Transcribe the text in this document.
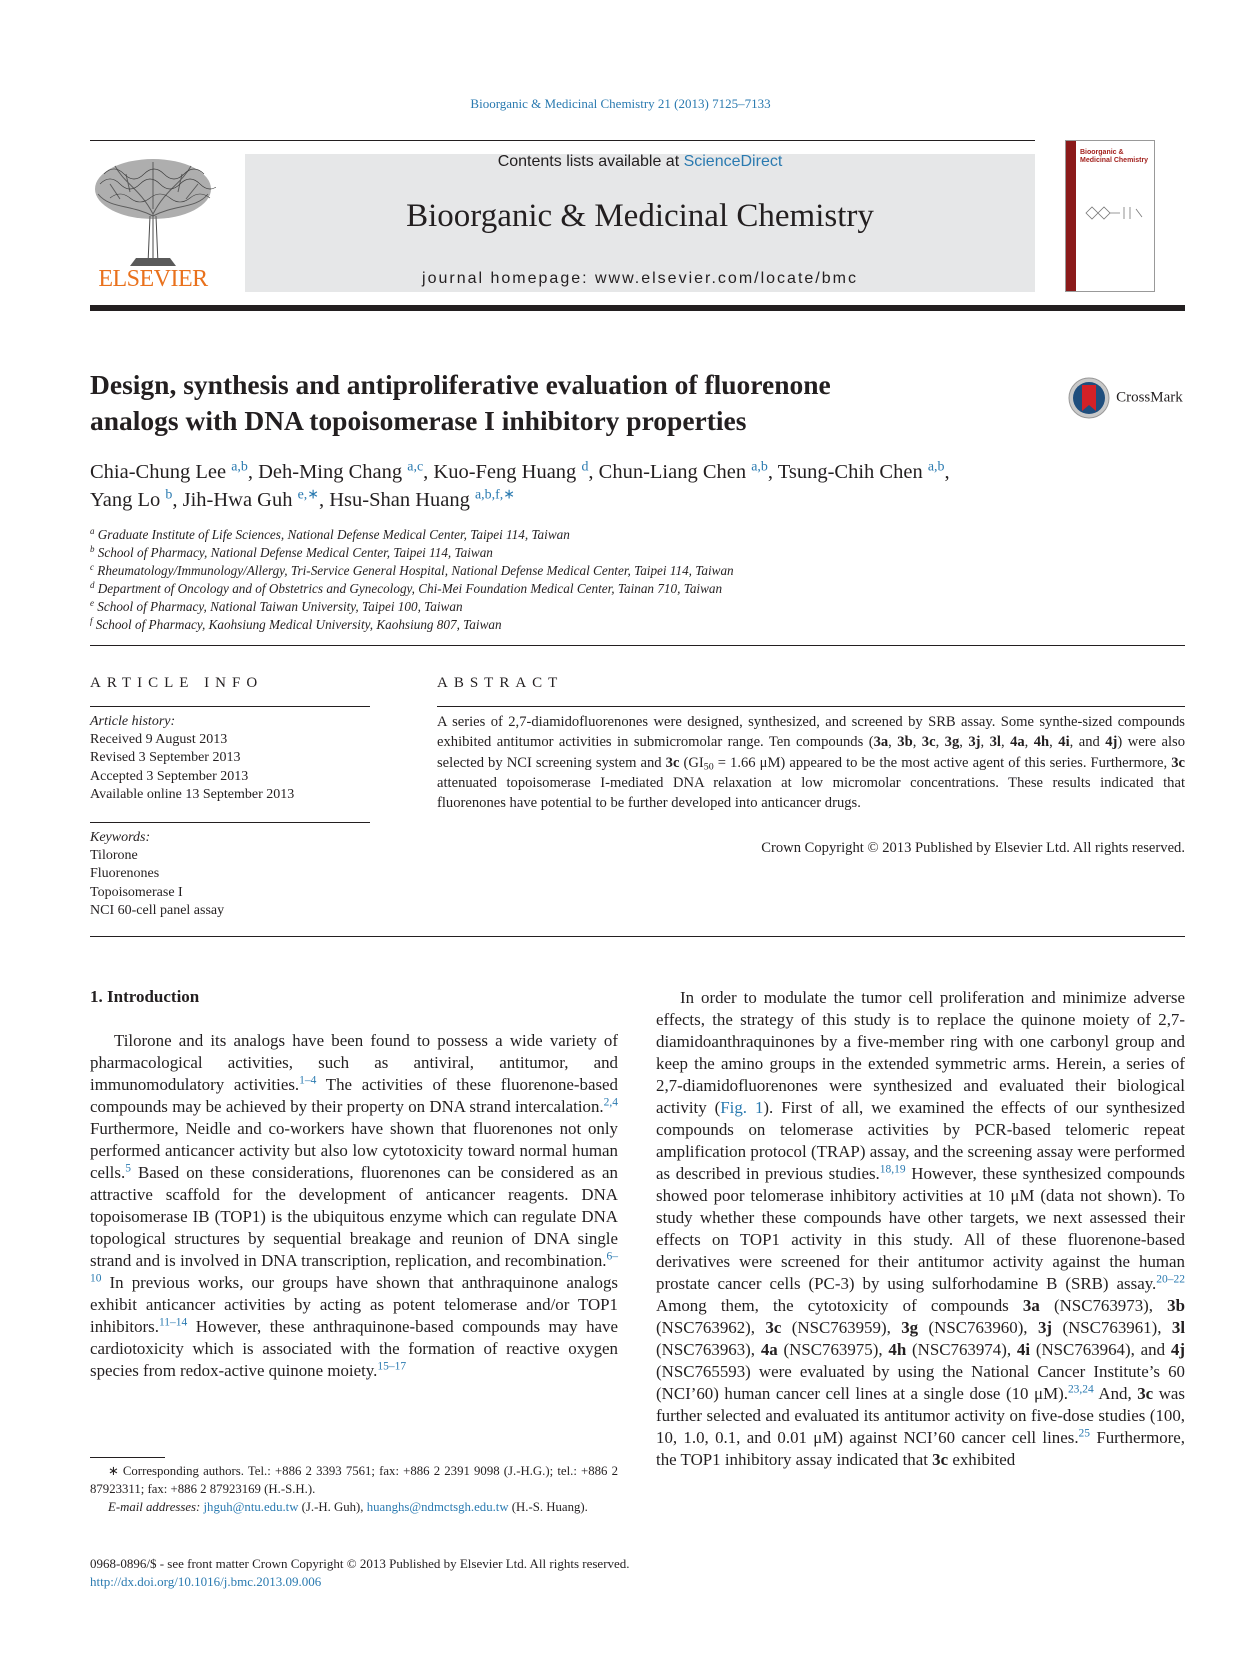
Bioorganic & Medicinal Chemistry 21 (2013) 7125–7133
ELSEVIER
Contents lists available at ScienceDirect
Bioorganic & Medicinal Chemistry
journal homepage: www.elsevier.com/locate/bmc
Bioorganic & Medicinal Chemistry
Design, synthesis and antiproliferative evaluation of fluorenone
analogs with DNA topoisomerase I inhibitory properties
CrossMark
Chia-Chung Lee $^{a,b}$, Deh-Ming Chang $^{a,c}$, Kuo-Feng Huang $^d$, Chun-Liang Chen $^{a,b}$, Tsung-Chih Chen $^{a,b}$,
Yang Lo $^b$, Jih-Hwa Guh $^{e,∗}$, Hsu-Shan Huang $^{a,b,f,∗}$
$^a$ Graduate Institute of Life Sciences, National Defense Medical Center, Taipei 114, Taiwan
$^b$ School of Pharmacy, National Defense Medical Center, Taipei 114, Taiwan
$^c$ Rheumatology/Immunology/Allergy, Tri-Service General Hospital, National Defense Medical Center, Taipei 114, Taiwan
$^d$ Department of Oncology and of Obstetrics and Gynecology, Chi-Mei Foundation Medical Center, Tainan 710, Taiwan
$^e$ School of Pharmacy, National Taiwan University, Taipei 100, Taiwan
$^f$ School of Pharmacy, Kaohsiung Medical University, Kaohsiung 807, Taiwan
ARTICLE INFO
Article history:
Received 9 August 2013
Revised 3 September 2013
Accepted 3 September 2013
Available online 13 September 2013
Keywords:
Tilorone
Fluorenones
Topoisomerase I
NCI 60-cell panel assay
ABSTRACT
A series of 2,7-diamidofluorenones were designed, synthesized, and screened by SRB assay. Some synthe-sized compounds exhibited antitumor activities in submicromolar range. Ten compounds (3a, 3b, 3c, 3g, 3j, 3l, 4a, 4h, 4i, and 4j) were also selected by NCI screening system and 3c ($GI_{50} = 1.66$ μM) appeared to be the most active agent of this series. Furthermore, 3c attenuated topoisomerase I-mediated DNA relaxation at low micromolar concentrations. These results indicated that fluorenones have potential to be further developed into anticancer drugs.
Crown Copyright © 2013 Published by Elsevier Ltd. All rights reserved.
1. Introduction

Tilorone and its analogs have been found to possess a wide variety of pharmacological activities, such as antiviral, antitumor, and immunomodulatory activities.$^{1-4}$ The activities of these fluorenone-based compounds may be achieved by their property on DNA strand intercalation.$^{2,4}$ Furthermore, Neidle and co-workers have shown that fluorenones not only performed anticancer activity but also low cytotoxicity toward normal human cells.$^5$ Based on these considerations, fluorenones can be considered as an attractive scaffold for the development of anticancer reagents. DNA topoisomerase IB (TOP1) is the ubiquitous enzyme which can regulate DNA topological structures by sequential breakage and reunion of DNA single strand and is involved in DNA transcription, replication, and recombination.$^{6-10}$ In previous works, our groups have shown that anthraquinone analogs exhibit anticancer activities by acting as potent telomerase and/or TOP1 inhibitors.$^{11-14}$ However, these anthraquinone-based compounds may have cardiotoxicity which is associated with the formation of reactive oxygen species from redox-active quinone moiety.$^{15-17}$

In order to modulate the tumor cell proliferation and minimize adverse effects, the strategy of this study is to replace the quinone moiety of 2,7-diamidoanthraquinones by a five-member ring with one carbonyl group and keep the amino groups in the extended symmetric arms. Herein, a series of 2,7-diamidofluorenones were synthesized and evaluated their biological activity (Fig. 1). First of all, we examined the effects of our synthesized compounds on telomerase activities by PCR-based telomeric repeat amplification protocol (TRAP) assay, and the screening assay were performed as described in previous studies.$^{18,19}$ However, these synthesized compounds showed poor telomerase inhibitory activities at 10 μM (data not shown). To study whether these compounds have other targets, we next assessed their effects on TOP1 activity in this study. All of these fluorenone-based derivatives were screened for their antitumor activity against the human prostate cancer cells (PC-3) by using sulforhodamine B (SRB) assay.$^{20-22}$ Among them, the cytotoxicity of compounds 3a (NSC763973), 3b (NSC763962), 3c (NSC763959), 3g (NSC763960), 3j (NSC763961), 3l (NSC763963), 4a (NSC763975), 4h (NSC763974), 4i (NSC763964), and 4j (NSC765593) were evaluated by using the National Cancer Institute’s 60 (NCI’60) human cancer cell lines at a single dose (10 μM).$^{23,24}$ And, 3c was further selected and evaluated its antitumor activity on five-dose studies (100, 10, 1.0, 0.1, and 0.01 μM) against NCI’60 cancer cell lines.$^{25}$ Furthermore, the TOP1 inhibitory assay indicated that 3c exhibited

∗ Corresponding authors. Tel.: +886 2 3393 7561; fax: +886 2 2391 9098 (J.-H.G.); tel.: +886 2 87923311; fax: +886 2 87923169 (H.-S.H.).
E-mail addresses: jhguh@ntu.edu.tw (J.-H. Guh), huanghs@ndmctsgh.edu.tw (H.-S. Huang).
0968-0896/$ - see front matter Crown Copyright © 2013 Published by Elsevier Ltd. All rights reserved.
http://dx.doi.org/10.1016/j.bmc.2013.09.006
